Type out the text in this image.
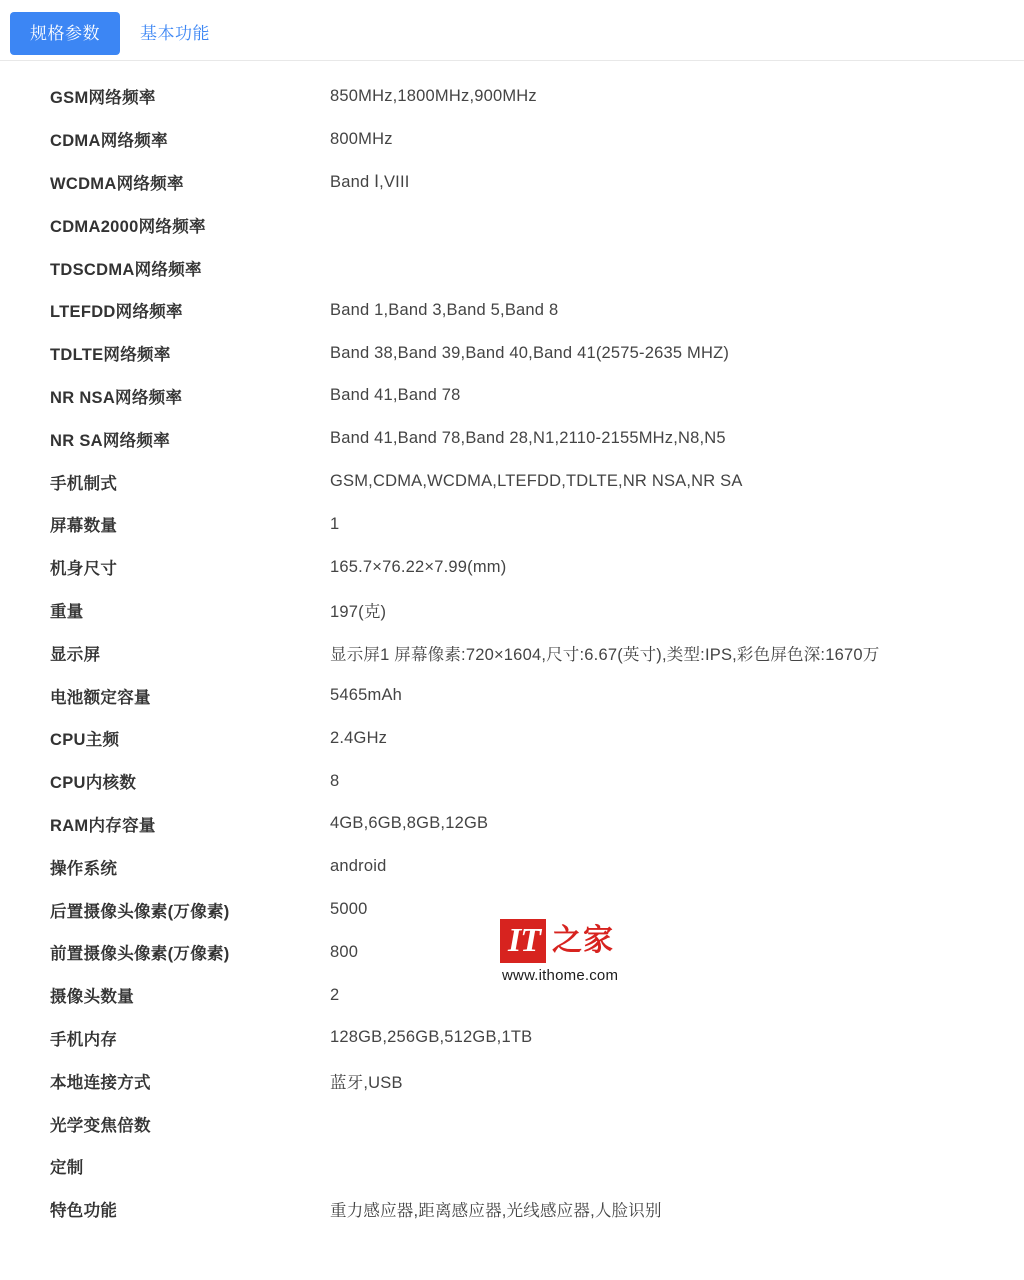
规格参数	基本功能
GSM网络频率	850MHz,1800MHz,900MHz
CDMA网络频率	800MHz
WCDMA网络频率	Band Ⅰ,VIII
CDMA2000网络频率	
TDSCDMA网络频率	
LTEFDD网络频率	Band 1,Band 3,Band 5,Band 8
TDLTE网络频率	Band 38,Band 39,Band 40,Band 41(2575-2635 MHZ)
NR NSA网络频率	Band 41,Band 78
NR SA网络频率	Band 41,Band 78,Band 28,N1,2110-2155MHz,N8,N5
手机制式	GSM,CDMA,WCDMA,LTEFDD,TDLTE,NR NSA,NR SA
屏幕数量	1
机身尺寸	165.7×76.22×7.99(mm)
重量	197(克)
显示屏	显示屏1 屏幕像素:720×1604,尺寸:6.67(英寸),类型:IPS,彩色屏色深:1670万
电池额定容量	5465mAh
CPU主频	2.4GHz
CPU内核数	8
RAM内存容量	4GB,6GB,8GB,12GB
操作系统	android
后置摄像头像素(万像素)	5000
前置摄像头像素(万像素)	800
摄像头数量	2
手机内存	128GB,256GB,512GB,1TB
本地连接方式	蓝牙,USB
光学变焦倍数	
定制	
特色功能	重力感应器,距离感应器,光线感应器,人脸识别
IT 之家
www.ithome.com
